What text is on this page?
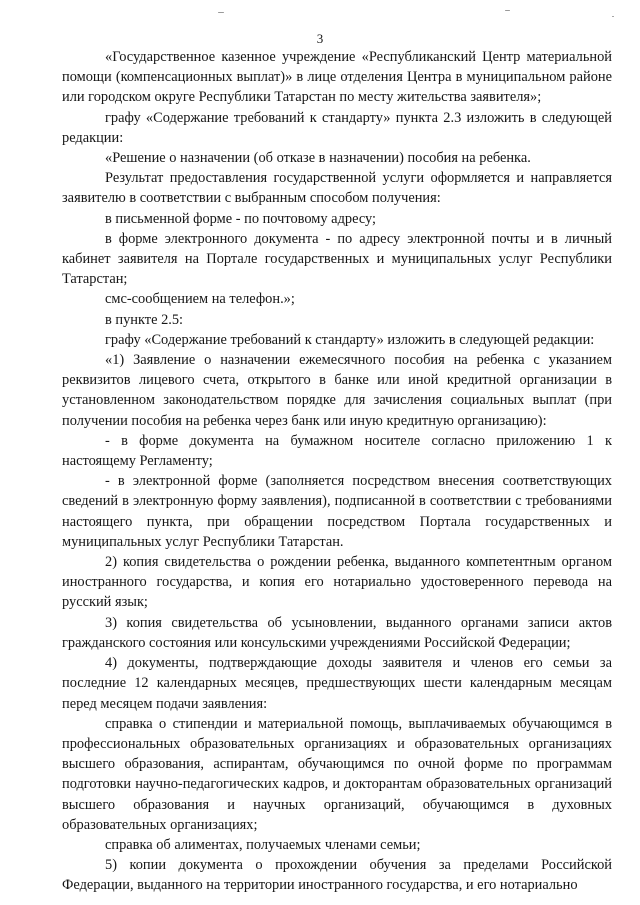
3

«Государственное казенное учреждение «Республиканский Центр материальной помощи (компенсационных выплат)» в лице отделения Центра в муниципальном районе или городском округе Республики Татарстан по месту жительства заявителя»;

графу «Содержание требований к стандарту» пункта 2.3 изложить в следующей редакции:

«Решение о назначении (об отказе в назначении) пособия на ребенка.

Результат предоставления государственной услуги оформляется и направляется заявителю в соответствии с выбранным способом получения:

в письменной форме - по почтовому адресу;

в форме электронного документа - по адресу электронной почты и в личный кабинет заявителя на Портале государственных и муниципальных услуг Республики Татарстан;

смс-сообщением на телефон.»;

в пункте 2.5:

графу «Содержание требований к стандарту» изложить в следующей редакции:

«1) Заявление о назначении ежемесячного пособия на ребенка с указанием реквизитов лицевого счета, открытого в банке или иной кредитной организации в установленном законодательством порядке для зачисления социальных выплат (при получении пособия на ребенка через банк или иную кредитную организацию):

- в форме документа на бумажном носителе согласно приложению 1 к настоящему Регламенту;

- в электронной форме (заполняется посредством внесения соответствующих сведений в электронную форму заявления), подписанной в соответствии с требованиями настоящего пункта, при обращении посредством Портала государственных и муниципальных услуг Республики Татарстан.

2) копия свидетельства о рождении ребенка, выданного компетентным органом иностранного государства, и копия его нотариально удостоверенного перевода на русский язык;

3) копия свидетельства об усыновлении, выданного органами записи актов гражданского состояния или консульскими учреждениями Российской Федерации;

4) документы, подтверждающие доходы заявителя и членов его семьи за последние 12 календарных месяцев, предшествующих шести календарным месяцам перед месяцем подачи заявления:

справка о стипендии и материальной помощь, выплачиваемых обучающимся в профессиональных образовательных организациях и образовательных организациях высшего образования, аспирантам, обучающимся по очной форме по программам подготовки научно-педагогических кадров, и докторантам образовательных организаций высшего образования и научных организаций, обучающимся в духовных образовательных организациях;

справка об алиментах, получаемых членами семьи;

5) копии документа о прохождении обучения за пределами Российской Федерации, выданного на территории иностранного государства, и его нотариально
